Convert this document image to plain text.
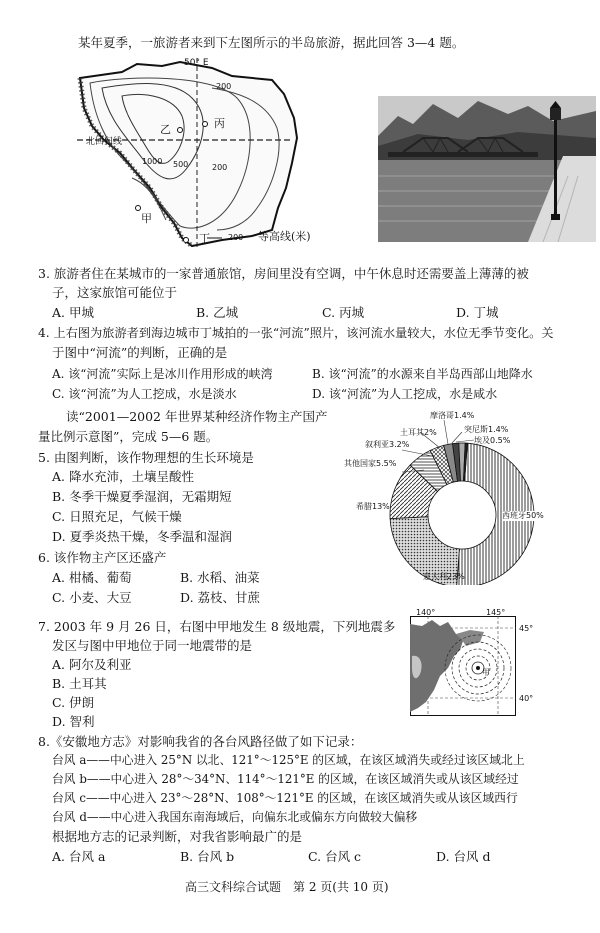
某年夏季，一旅游者来到下左图所示的半岛旅游，据此回答 3—4 题。
50° E
北回归线
乙	丙
甲
丁
1000 500	200
200
200 等高线(米)
3. 旅游者住在某城市的一家普通旅馆，房间里没有空调，中午休息时还需要盖上薄薄的被
子，这家旅馆可能位于
A. 甲城	B. 乙城	C. 丙城	D. 丁城
4. 上右图为旅游者到海边城市丁城拍的一张“河流”照片，该河流水量较大，水位无季节变化。关
于图中“河流”的判断，正确的是
A. 该“河流”实际上是冰川作用形成的峡湾	B. 该“河流”的水源来自半岛西部山地降水
C. 该“河流”为人工挖成，水是淡水	D. 该“河流”为人工挖成，水是咸水
读“2001—2002 年世界某种经济作物主产国产
量比例示意图”，完成 5—6 题。
5. 由图判断，该作物理想的生长环境是
A. 降水充沛，土壤呈酸性
B. 冬季干燥夏季湿润，无霜期短
C. 日照充足，气候干燥
D. 夏季炎热干燥，冬季温和湿润
6. 该作物主产区还盛产
A. 柑橘、葡萄	B. 水稻、油菜
C. 小麦、大豆	D. 荔枝、甘蔗
摩洛哥1.4%
土耳其2%	突尼斯1.4%
叙利亚3.2%	埃及0.5%
其他国家5.5%
希腊13%
西班牙50%
意大利23%
7. 2003 年 9 月 26 日，右图中甲地发生 8 级地震，下列地震多
发区与图中甲地位于同一地震带的是
A. 阿尔及利亚
B. 土耳其
C. 伊朗
D. 智利
140°	145°
45°
40°
甲
8.《安徽地方志》对影响我省的各台风路径做了如下记录：
台风 a——中心进入 25°N 以北、121°～125°E 的区域，在该区域消失或经过该区域北上
台风 b——中心进入 28°～34°N、114°～121°E 的区域，在该区域消失或从该区域经过
台风 c——中心进入 23°～28°N、108°～121°E 的区域，在该区域消失或从该区域西行
台风 d——中心进入我国东南海域后，向偏东北或偏东方向做较大偏移
根据地方志的记录判断，对我省影响最广的是
A. 台风 a	B. 台风 b	C. 台风 c	D. 台风 d
高三文科综合试题　第 2 页(共 10 页)
